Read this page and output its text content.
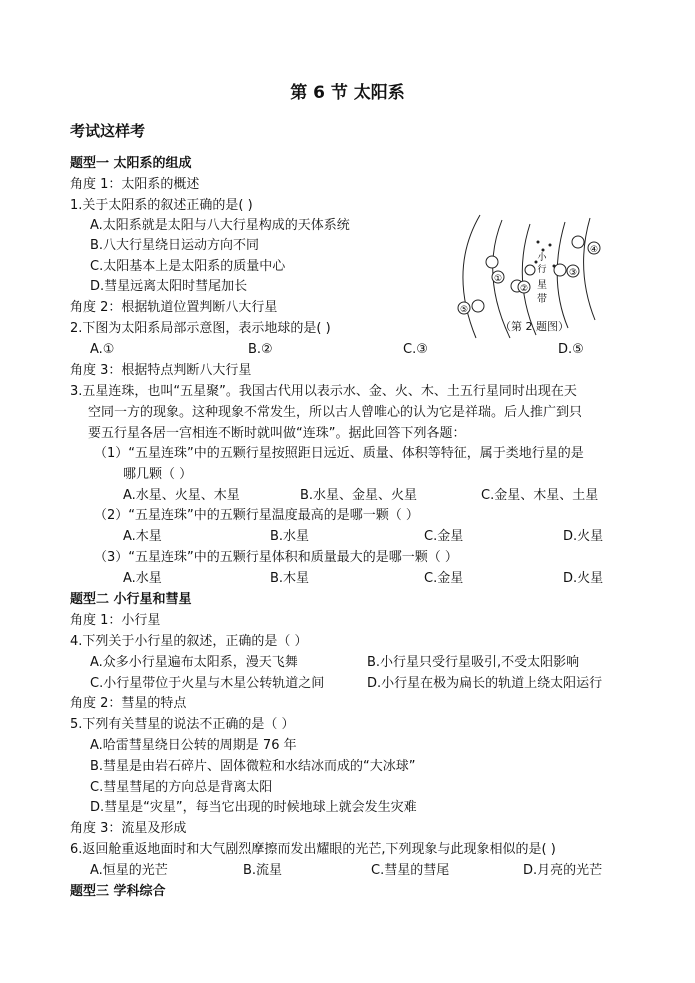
第 6 节 太阳系
考试这样考
题型一 太阳系的组成
角度 1：太阳系的概述
1.关于太阳系的叙述正确的是( )
A.太阳系就是太阳与八大行星构成的天体系统
B.八大行星绕日运动方向不同
C.太阳基本上是太阳系的质量中心
D.彗星远离太阳时彗尾加长
角度 2：根据轨道位置判断八大行星
2.下图为太阳系局部示意图，表示地球的是( )
A.①	B.②	C.③	D.⑤
①
②
③
④
⑤
小
行
星
带
（第 2 题图）
角度 3：根据特点判断八大行星
3.五星连珠，也叫“五星聚”。我国古代用以表示水、金、火、木、土五行星同时出现在天
空同一方的现象。这种现象不常发生，所以古人曾唯心的认为它是祥瑞。后人推广到只
要五行星各居一宫相连不断时就叫做“连珠”。据此回答下列各题：
（1）“五星连珠”中的五颗行星按照距日远近、质量、体积等特征，属于类地行星的是
哪几颗（ ）
A.水星、火星、木星	B.水星、金星、火星	C.金星、木星、土星
（2）“五星连珠”中的五颗行星温度最高的是哪一颗（ ）
A.木星	B.水星	C.金星	D.火星
（3）“五星连珠”中的五颗行星体积和质量最大的是哪一颗（ ）
A.水星	B.木星	C.金星	D.火星
题型二 小行星和彗星
角度 1：小行星
4.下列关于小行星的叙述，正确的是（ ）
A.众多小行星遍布太阳系，漫天飞舞	B.小行星只受行星吸引,不受太阳影响
C.小行星带位于火星与木星公转轨道之间	D.小行星在极为扁长的轨道上绕太阳运行
角度 2：彗星的特点
5.下列有关彗星的说法不正确的是（ ）
A.哈雷彗星绕日公转的周期是 76 年
B.彗星是由岩石碎片、固体微粒和水结冰而成的“大冰球”
C.彗星彗尾的方向总是背离太阳
D.彗星是“灾星”，每当它出现的时候地球上就会发生灾难
角度 3：流星及形成
6.返回舱重返地面时和大气剧烈摩擦而发出耀眼的光芒,下列现象与此现象相似的是( )
A.恒星的光芒	B.流星	C.彗星的彗尾	D.月亮的光芒
题型三 学科综合
